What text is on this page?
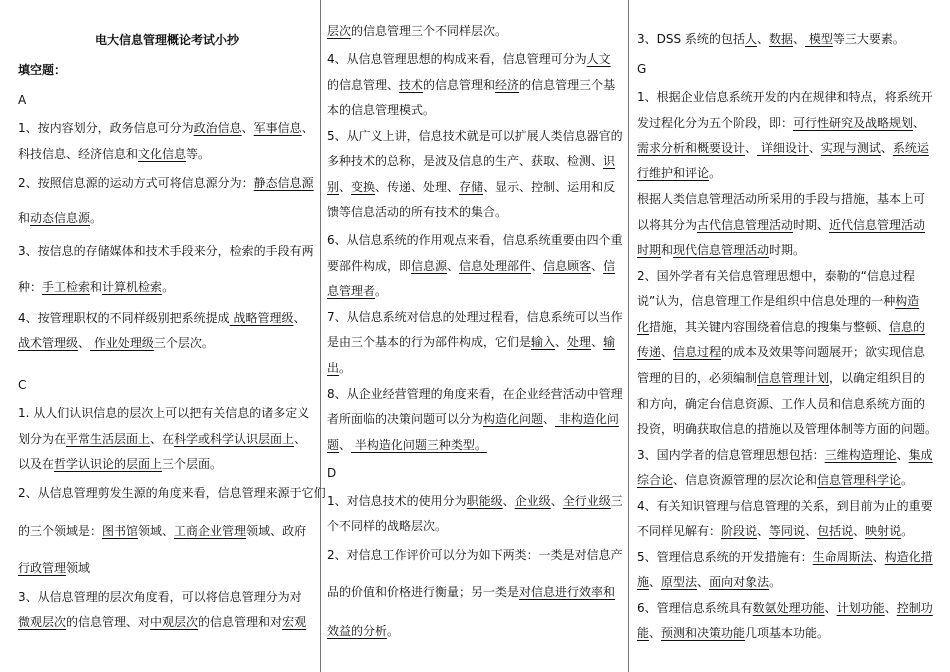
电大信息管理概论考试小抄
填空题：
A
1、按内容划分，政务信息可分为政治信息、军事信息、
科技信息、经济信息和文化信息等。
2、按照信息源的运动方式可将信息源分为：静态信息源
和动态信息源。
3、按信息的存储媒体和技术手段来分，检索的手段有两
种：手工检索和计算机检索。
4、按管理职权的不同样级别把系统提成 战略管理级、
战术管理级、 作业处理级三个层次。
C
1. 从人们认识信息的层次上可以把有关信息的诸多定义
划分为在平常生活层面上、在科学或科学认识层面上、
以及在哲学认识论的层面上三个层面。
2、从信息管理剪发生源的角度来看，信息管理来源于它们
的三个领域是：图书馆领域、工商企业管理领域、政府
行政管理领域
3、从信息管理的层次角度看，可以将信息管理分为对
微观层次的信息管理、对中观层次的信息管理和对宏观
层次的信息管理三个不同样层次。
4、从信息管理思想的构成来看，信息管理可分为人文
的信息管理、技术的信息管理和经济的信息管理三个基
本的信息管理模式。
5、从广义上讲，信息技术就是可以扩展人类信息器官的
多种技术的总称，是波及信息的生产、获取、检测、识
别、变换、传递、处理、存储、显示、控制、运用和反
馈等信息活动的所有技术的集合。
6、从信息系统的作用观点来看，信息系统重要由四个重
要部件构成，即信息源、信息处理部件、信息顾客、信
息管理者。
7、从信息系统对信息的处理过程看，信息系统可以当作
是由三个基本的行为部件构成，它们是输入、处理、输
出。
8、从企业经营管理的角度来看，在企业经营活动中管理
者所面临的决策问题可以分为构造化问题、 非构造化问
题、 半构造化问题三种类型。
D
1、对信息技术的使用分为职能级、企业级、全行业级三
个不同样的战略层次。
2、对信息工作评价可以分为如下两类：一类是对信息产
品的价值和价格进行衡量；另一类是对信息进行效率和
效益的分析。
3、DSS 系统的包括人、数据、 模型等三大要素。
G
1、根据企业信息系统开发的内在规律和特点，将系统开
发过程化分为五个阶段，即：可行性研究及战略规划、
需求分析和概要设计、 详细设计、实现与测试、系统运
行维护和评论。
根据人类信息管理活动所采用的手段与措施，基本上可
以将其分为古代信息管理活动时期、近代信息管理活动
时期和现代信息管理活动时期。
2、国外学者有关信息管理思想中，泰勒的“信息过程
说”认为，信息管理工作是组织中信息处理的一种构造
化措施，其关键内容围绕着信息的搜集与整顿、信息的
传递、信息过程的成本及效果等问题展开；欲实现信息
管理的目的，必须编制信息管理计划，以确定组织目的
和方向，确定台信息资源、工作人员和信息系统方面的
投资，明确获取信息的措施以及管理体制等方面的问题。
3、国内学者的信息管理思想包括：三维构造理论、集成
综合论、信息资源管理的层次论和信息管理科学论。
4、有关知识管理与信息管理的关系，到目前为止的重要
不同样见解有：阶段说、等同说、包括说、映射说。
5、管理信息系统的开发措施有：生命周斯法、构造化措
施、原型法、面向对象法。
6、管理信息系统具有数氨处理功能、计划功能、控制功
能、预测和决策功能几项基本功能。
